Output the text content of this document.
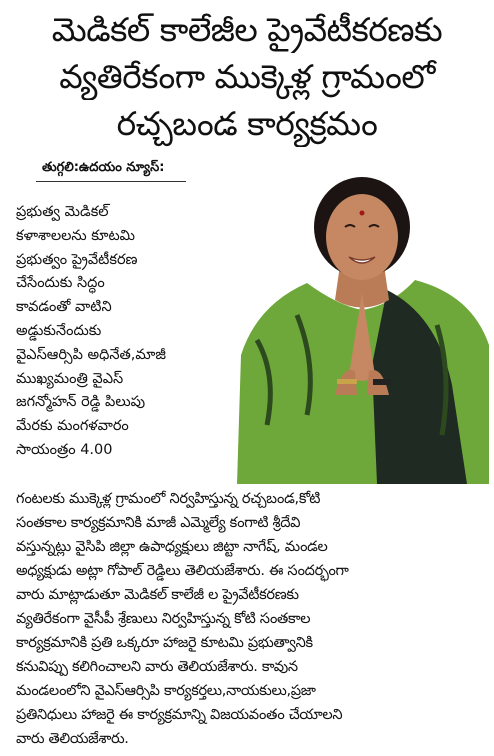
మెడికల్ కాలేజీల ప్రైవేటీకరణకు
వ్యతిరేకంగా ముక్కెళ్ల గ్రామంలో
రచ్చబండ కార్యక్రమం
తుగ్గలి:ఉదయం న్యూస్:
ప్రభుత్వ మెడికల్
కళాశాలలను కూటమి
ప్రభుత్వం ప్రైవేటీకరణ
చేసేందుకు సిద్ధం
కావడంతో వాటిని
అడ్డుకునేందుకు
వైఎస్ఆర్సిపి అధినేత,మాజీ
ముఖ్యమంత్రి వైఎస్
జగన్మోహన్ రెడ్డి పిలుపు
మేరకు మంగళవారం
సాయంత్రం 4.00
గంటలకు ముక్కెళ్ల గ్రామంలో నిర్వహిస్తున్న రచ్చబండ,కోటి
సంతకాల కార్యక్రమానికి మాజీ ఎమ్మెల్యే కంగాటి శ్రీదేవి
వస్తున్నట్లు వైసిపి జిల్లా ఉపాధ్యక్షులు జిట్టా నాగేష్, మండల
అధ్యక్షుడు అట్లా గోపాల్ రెడ్డిలు తెలియజేశారు. ఈ సందర్భంగా
వారు మాట్లాడుతూ మెడికల్ కాలేజీ ల ప్రైవేటీకరణకు
వ్యతిరేకంగా వైసీపీ శ్రేణులు నిర్వహిస్తున్న కోటి సంతకాల
కార్యక్రమానికి ప్రతి ఒక్కరూ హాజరై కూటమి ప్రభుత్వానికి
కనువిప్పు కలిగించాలని వారు తెలియజేశారు. కావున
మండలంలోని వైఎస్ఆర్సిపి కార్యకర్తలు,నాయకులు,ప్రజా
ప్రతినిధులు హాజరై ఈ కార్యక్రమాన్ని విజయవంతం చేయాలని
వారు తెలియజేశారు.
